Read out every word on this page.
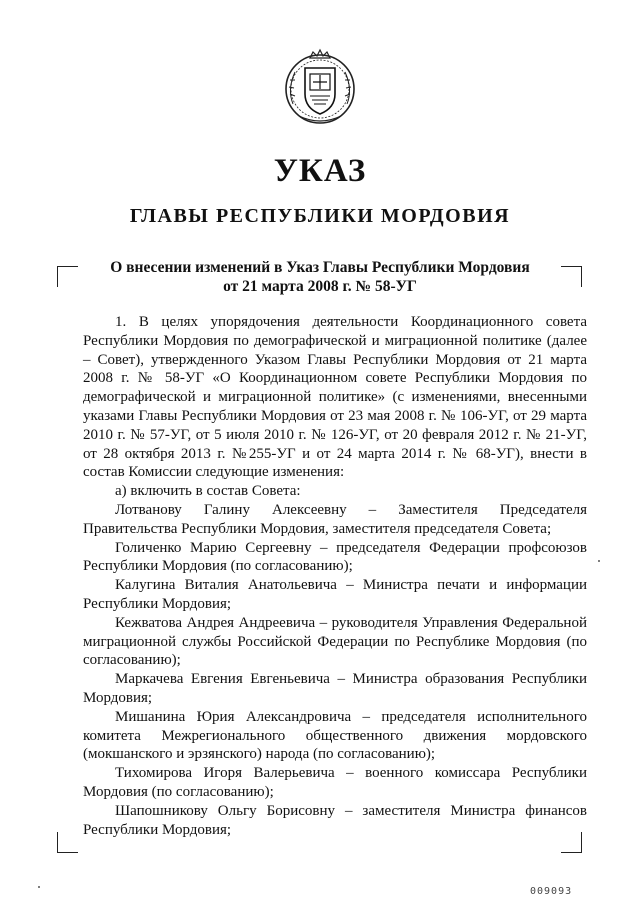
УКАЗ
ГЛАВЫ РЕСПУБЛИКИ МОРДОВИЯ
О внесении изменений в Указ Главы Республики Мордовия
от 21 марта 2008 г. № 58-УГ

1. В целях упорядочения деятельности Координационного совета Республики Мордовия по демографической и миграционной политике (далее – Совет), утвержденного Указом Главы Республики Мордовия от 21 марта 2008 г. № 58-УГ «О Координационном совете Республики Мордовия по демографической и миграционной политике» (с изменениями, внесенными указами Главы Республики Мордовия от 23 мая 2008 г. № 106-УГ, от 29 марта 2010 г. № 57-УГ, от 5 июля 2010 г. № 126-УГ, от 20 февраля 2012 г. № 21-УГ, от 28 октября 2013 г. №255-УГ и от 24 марта 2014 г. № 68-УГ), внести в состав Комиссии следующие изменения:

а) включить в состав Совета:

Лотванову Галину Алексеевну – Заместителя Председателя Правительства Республики Мордовия, заместителя председателя Совета;

Голиченко Марию Сергеевну – председателя Федерации профсоюзов Республики Мордовия (по согласованию);

Калугина Виталия Анатольевича – Министра печати и информации Республики Мордовия;

Кежватова Андрея Андреевича – руководителя Управления Федеральной миграционной службы Российской Федерации по Республике Мордовия (по согласованию);

Маркачева Евгения Евгеньевича – Министра образования Республики Мордовия;

Мишанина Юрия Александровича – председателя исполнительного комитета Межрегионального общественного движения мордовского (мокшанского и эрзянского) народа (по согласованию);

Тихомирова Игоря Валерьевича – военного комиссара Республики Мордовия (по согласованию);

Шапошникову Ольгу Борисовну – заместителя Министра финансов Республики Мордовия;

009093
